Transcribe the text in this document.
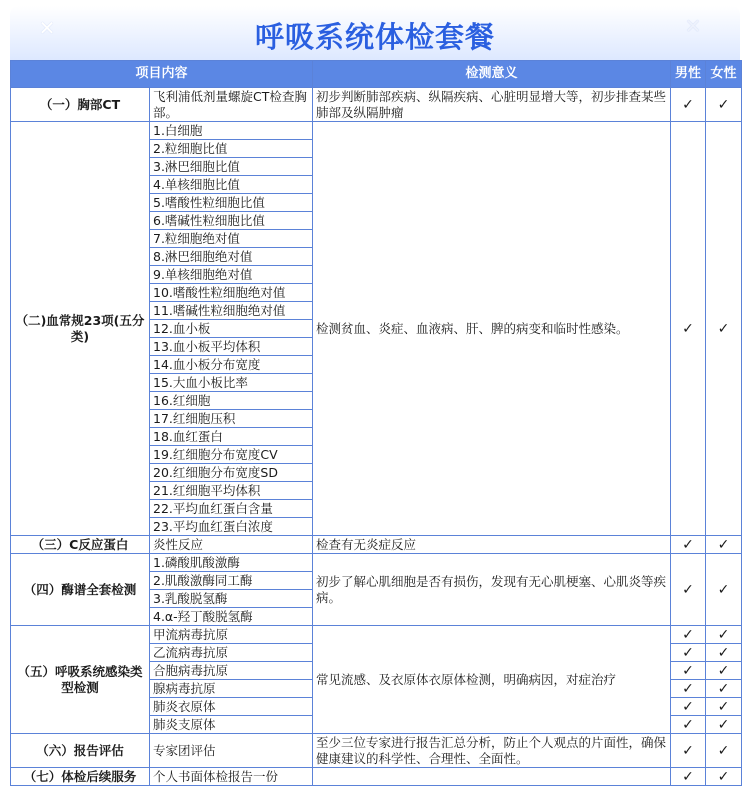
✕	呼吸系统体检套餐	✕
项目内容		检测意义	男性	女性
（一）胸部CT	飞利浦低剂量螺旋CT检查胸部。	初步判断肺部疾病、纵隔疾病、心脏明显增大等，初步排查某些肺部及纵隔肿瘤	✓	✓
（二)血常规23项(五分类)	1.白细胞	检测贫血、炎症、血液病、肝、脾的病变和临时性感染。	✓	✓
	2.粒细胞比值			
	3.淋巴细胞比值			
	4.单核细胞比值			
	5.嗜酸性粒细胞比值			
	6.嗜碱性粒细胞比值			
	7.粒细胞绝对值			
	8.淋巴细胞绝对值			
	9.单核细胞绝对值			
	10.嗜酸性粒细胞绝对值			
	11.嗜碱性粒细胞绝对值			
	12.血小板			
	13.血小板平均体积			
	14.血小板分布宽度			
	15.大血小板比率			
	16.红细胞			
	17.红细胞压积			
	18.血红蛋白			
	19.红细胞分布宽度CV			
	20.红细胞分布宽度SD			
	21.红细胞平均体积			
	22.平均血红蛋白含量			
	23.平均血红蛋白浓度			
（三）C反应蛋白	炎性反应	检查有无炎症反应	✓	✓
（四）酶谱全套检测	1.磷酸肌酸激酶	初步了解心肌细胞是否有损伤，发现有无心肌梗塞、心肌炎等疾病。	✓	✓
	2.肌酸激酶同工酶			
	3.乳酸脱氢酶			
	4.α-羟丁酸脱氢酶			
（五）呼吸系统感染类型检测	甲流病毒抗原	常见流感、及衣原体衣原体检测，明确病因，对症治疗	✓	✓
	乙流病毒抗原		✓	✓
	合胞病毒抗原		✓	✓
	腺病毒抗原		✓	✓
	肺炎衣原体		✓	✓
	肺炎支原体		✓	✓
（六）报告评估	专家团评估	至少三位专家进行报告汇总分析，防止个人观点的片面性，确保健康建议的科学性、合理性、全面性。	✓	✓
（七）体检后续服务	个人书面体检报告一份		✓	✓
